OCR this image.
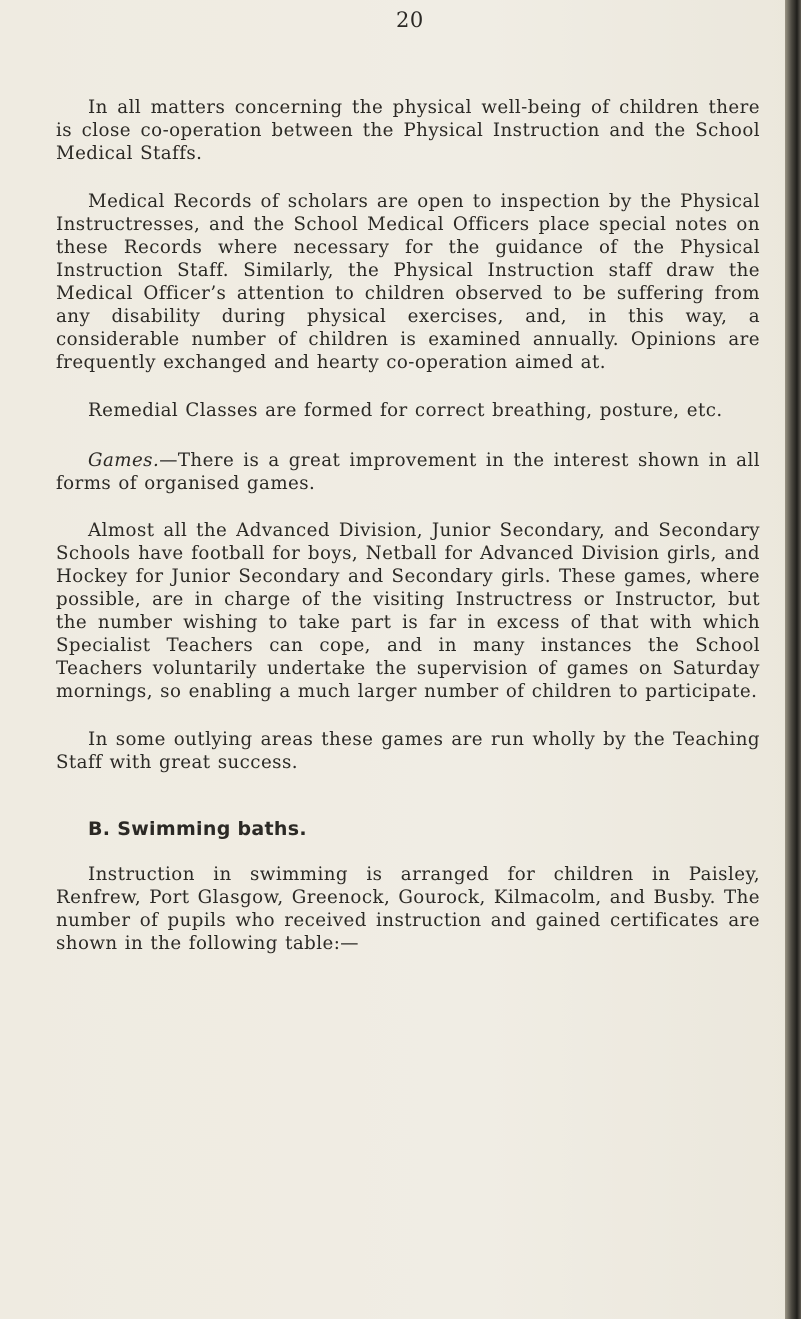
20

In all matters concerning the physical well-being of children there is close co-operation between the Physical Instruction and the School Medical Staffs.

Medical Records of scholars are open to inspection by the Physical Instructresses, and the School Medical Officers place special notes on these Records where necessary for the guidance of the Physical Instruction Staff. Similarly, the Physical Instruction staff draw the Medical Officer’s attention to children observed to be suffering from any disability during physical exercises, and, in this way, a considerable number of children is examined annually. Opinions are frequently exchanged and hearty co-operation aimed at.

Remedial Classes are formed for correct breathing, posture, etc.

Games.—There is a great improvement in the interest shown in all forms of organised games.

Almost all the Advanced Division, Junior Secondary, and Secondary Schools have football for boys, Netball for Advanced Division girls, and Hockey for Junior Secondary and Secondary girls. These games, where possible, are in charge of the visiting Instructress or Instructor, but the number wishing to take part is far in excess of that with which Specialist Teachers can cope, and in many instances the School Teachers voluntarily undertake the supervision of games on Saturday mornings, so enabling a much larger number of children to participate.

In some outlying areas these games are run wholly by the Teaching Staff with great success.

B. Swimming baths.

Instruction in swimming is arranged for children in Paisley, Renfrew, Port Glasgow, Greenock, Gourock, Kilmacolm, and Busby. The number of pupils who received instruction and gained certificates are shown in the following table:—
